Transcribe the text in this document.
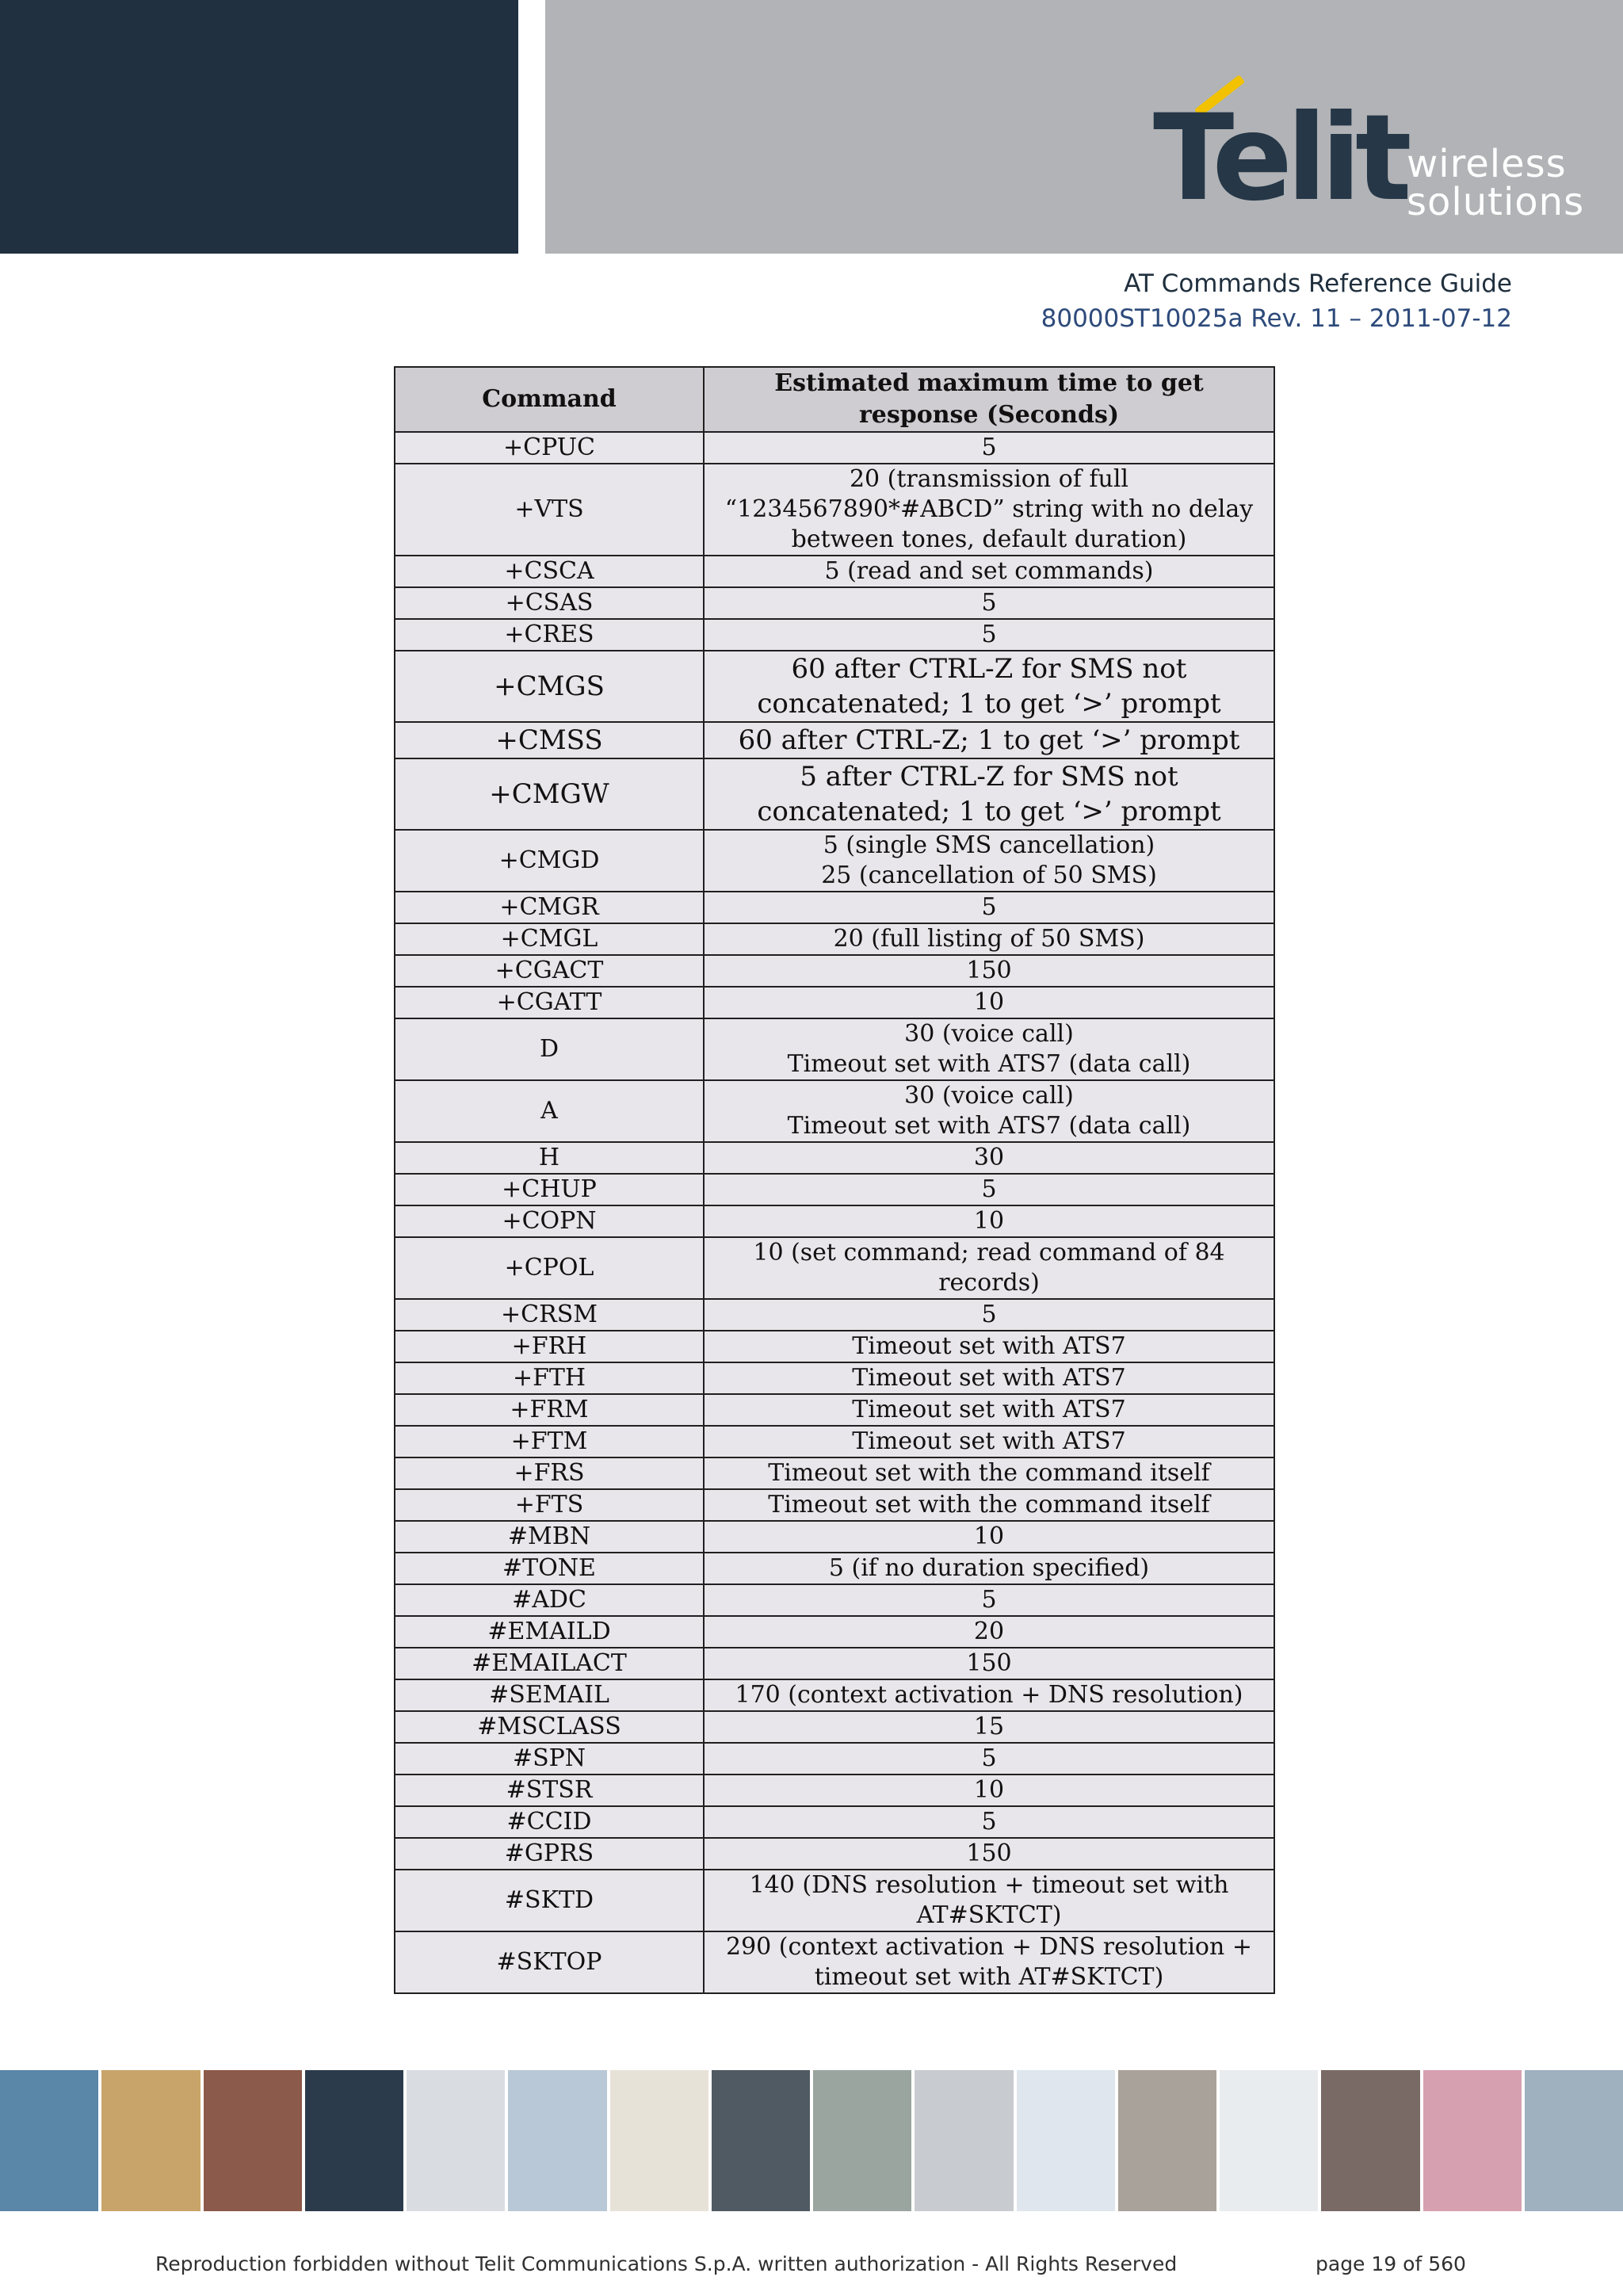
Telit wireless
solutions
AT Commands Reference Guide
80000ST10025a Rev. 11 – 2011-07-12
Command	Estimated maximum time to get response (Seconds)
+CPUC	5
+VTS	20 (transmission of full “1234567890*#ABCD” string with no delay between tones, default duration)
+CSCA	5 (read and set commands)
+CSAS	5
+CRES	5
+CMGS	60 after CTRL-Z for SMS not concatenated; 1 to get ‘>’ prompt
+CMSS	60 after CTRL-Z; 1 to get ‘>’ prompt
+CMGW	5 after CTRL-Z for SMS not concatenated; 1 to get ‘>’ prompt
+CMGD	5 (single SMS cancellation)
25 (cancellation of 50 SMS)
+CMGR	5
+CMGL	20 (full listing of 50 SMS)
+CGACT	150
+CGATT	10
D	30 (voice call)
Timeout set with ATS7 (data call)
A	30 (voice call)
Timeout set with ATS7 (data call)
H	30
+CHUP	5
+COPN	10
+CPOL	10 (set command; read command of 84 records)
+CRSM	5
+FRH	Timeout set with ATS7
+FTH	Timeout set with ATS7
+FRM	Timeout set with ATS7
+FTM	Timeout set with ATS7
+FRS	Timeout set with the command itself
+FTS	Timeout set with the command itself
#MBN	10
#TONE	5 (if no duration specified)
#ADC	5
#EMAILD	20
#EMAILACT	150
#SEMAIL	170 (context activation + DNS resolution)
#MSCLASS	15
#SPN	5
#STSR	10
#CCID	5
#GPRS	150
#SKTD	140 (DNS resolution + timeout set with AT#SKTCT)
#SKTOP	290 (context activation + DNS resolution + timeout set with AT#SKTCT)
Reproduction forbidden without Telit Communications S.p.A. written authorization - All Rights Reserved	page 19 of 560
